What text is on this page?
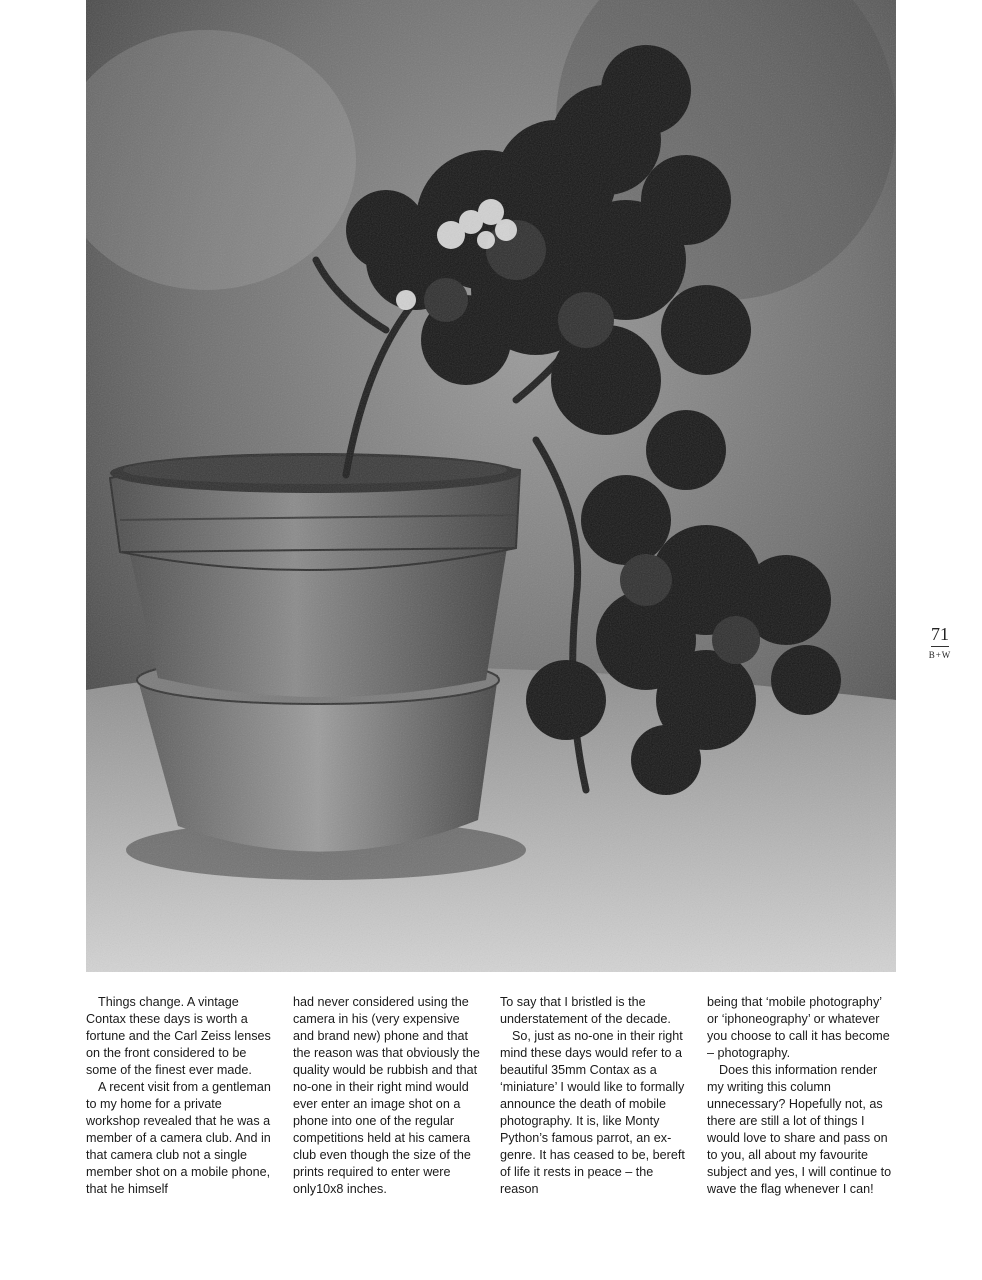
71
B+W

Things change. A vintage Contax these days is worth a fortune and the Carl Zeiss lenses on the front considered to be some of the finest ever made.

A recent visit from a gentleman to my home for a private workshop revealed that he was a member of a camera club. And in that camera club not a single member shot on a mobile phone, that he himself

had never considered using the camera in his (very expensive and brand new) phone and that the reason was that obviously the quality would be rubbish and that no-one in their right mind would ever enter an image shot on a phone into one of the regular competitions held at his camera club even though the size of the prints required to enter were only10x8 inches.

To say that I bristled is the understatement of the decade.

So, just as no-one in their right mind these days would refer to a beautiful 35mm Contax as a ‘miniature’ I would like to formally announce the death of mobile photography. It is, like Monty Python’s famous parrot, an ex-genre. It has ceased to be, bereft of life it rests in peace – the reason

being that ‘mobile photography’ or ‘iphoneography’ or whatever you choose to call it has become – photography.

Does this information render my writing this column unnecessary? Hopefully not, as there are still a lot of things I would love to share and pass on to you, all about my favourite subject and yes, I will continue to wave the flag whenever I can!
